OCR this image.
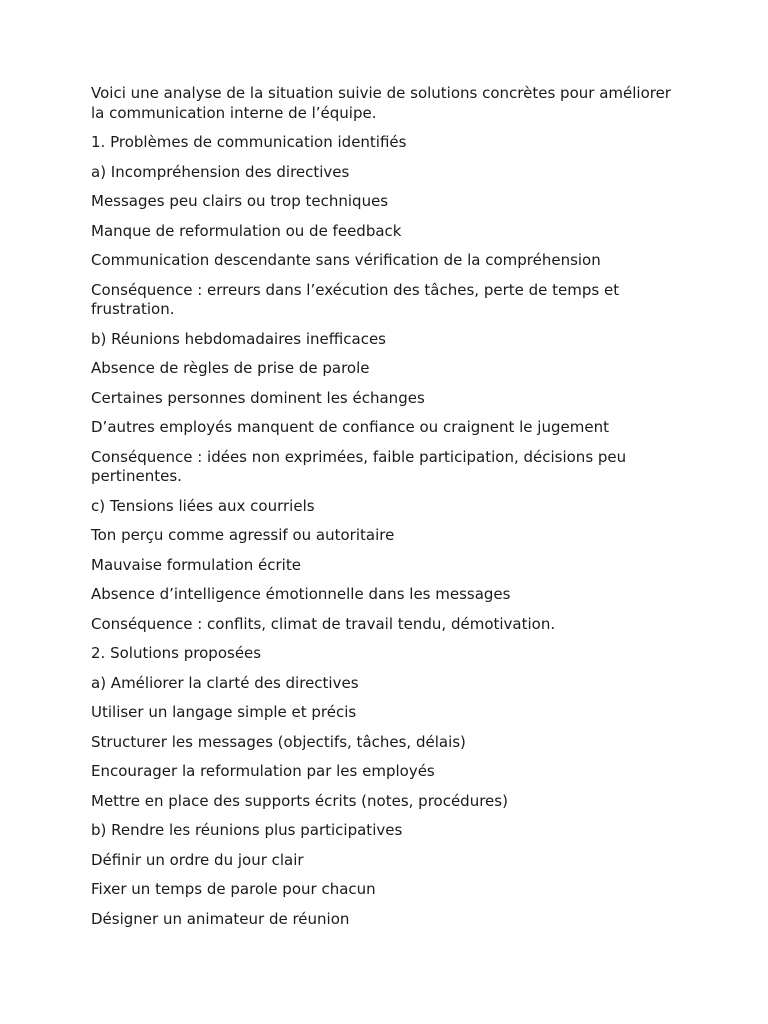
Voici une analyse de la situation suivie de solutions concrètes pour améliorer la communication interne de l’équipe.

1. Problèmes de communication identifiés

a) Incompréhension des directives

Messages peu clairs ou trop techniques

Manque de reformulation ou de feedback

Communication descendante sans vérification de la compréhension

Conséquence : erreurs dans l’exécution des tâches, perte de temps et frustration.

b) Réunions hebdomadaires inefficaces

Absence de règles de prise de parole

Certaines personnes dominent les échanges

D’autres employés manquent de confiance ou craignent le jugement

Conséquence : idées non exprimées, faible participation, décisions peu pertinentes.

c) Tensions liées aux courriels

Ton perçu comme agressif ou autoritaire

Mauvaise formulation écrite

Absence d’intelligence émotionnelle dans les messages

Conséquence : conflits, climat de travail tendu, démotivation.

2. Solutions proposées

a) Améliorer la clarté des directives

Utiliser un langage simple et précis

Structurer les messages (objectifs, tâches, délais)

Encourager la reformulation par les employés

Mettre en place des supports écrits (notes, procédures)

b) Rendre les réunions plus participatives

Définir un ordre du jour clair

Fixer un temps de parole pour chacun

Désigner un animateur de réunion
